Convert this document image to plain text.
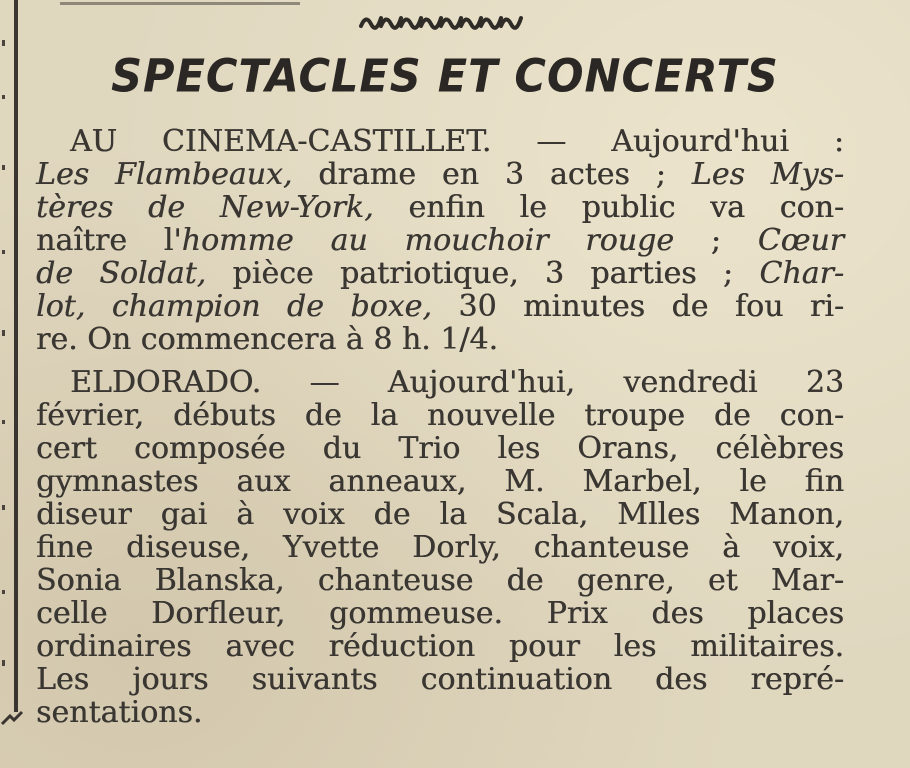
SPECTACLES ET CONCERTS
AU CINEMA-CASTILLET. — Aujourd'hui :
Les Flambeaux, drame en 3 actes ; Les Mys-
tères de New-York, enfin le public va con-
naître l'homme au mouchoir rouge ; Cœur
de Soldat, pièce patriotique, 3 parties ; Char-
lot, champion de boxe, 30 minutes de fou ri-
re. On commencera à 8 h. 1/4.
ELDORADO. — Aujourd'hui, vendredi 23
février, débuts de la nouvelle troupe de con-
cert composée du Trio les Orans, célèbres
gymnastes aux anneaux, M. Marbel, le fin
diseur gai à voix de la Scala, Mlles Manon,
fine diseuse, Yvette Dorly, chanteuse à voix,
Sonia Blanska, chanteuse de genre, et Mar-
celle Dorfleur, gommeuse. Prix des places
ordinaires avec réduction pour les militaires.
Les jours suivants continuation des repré-
sentations.
